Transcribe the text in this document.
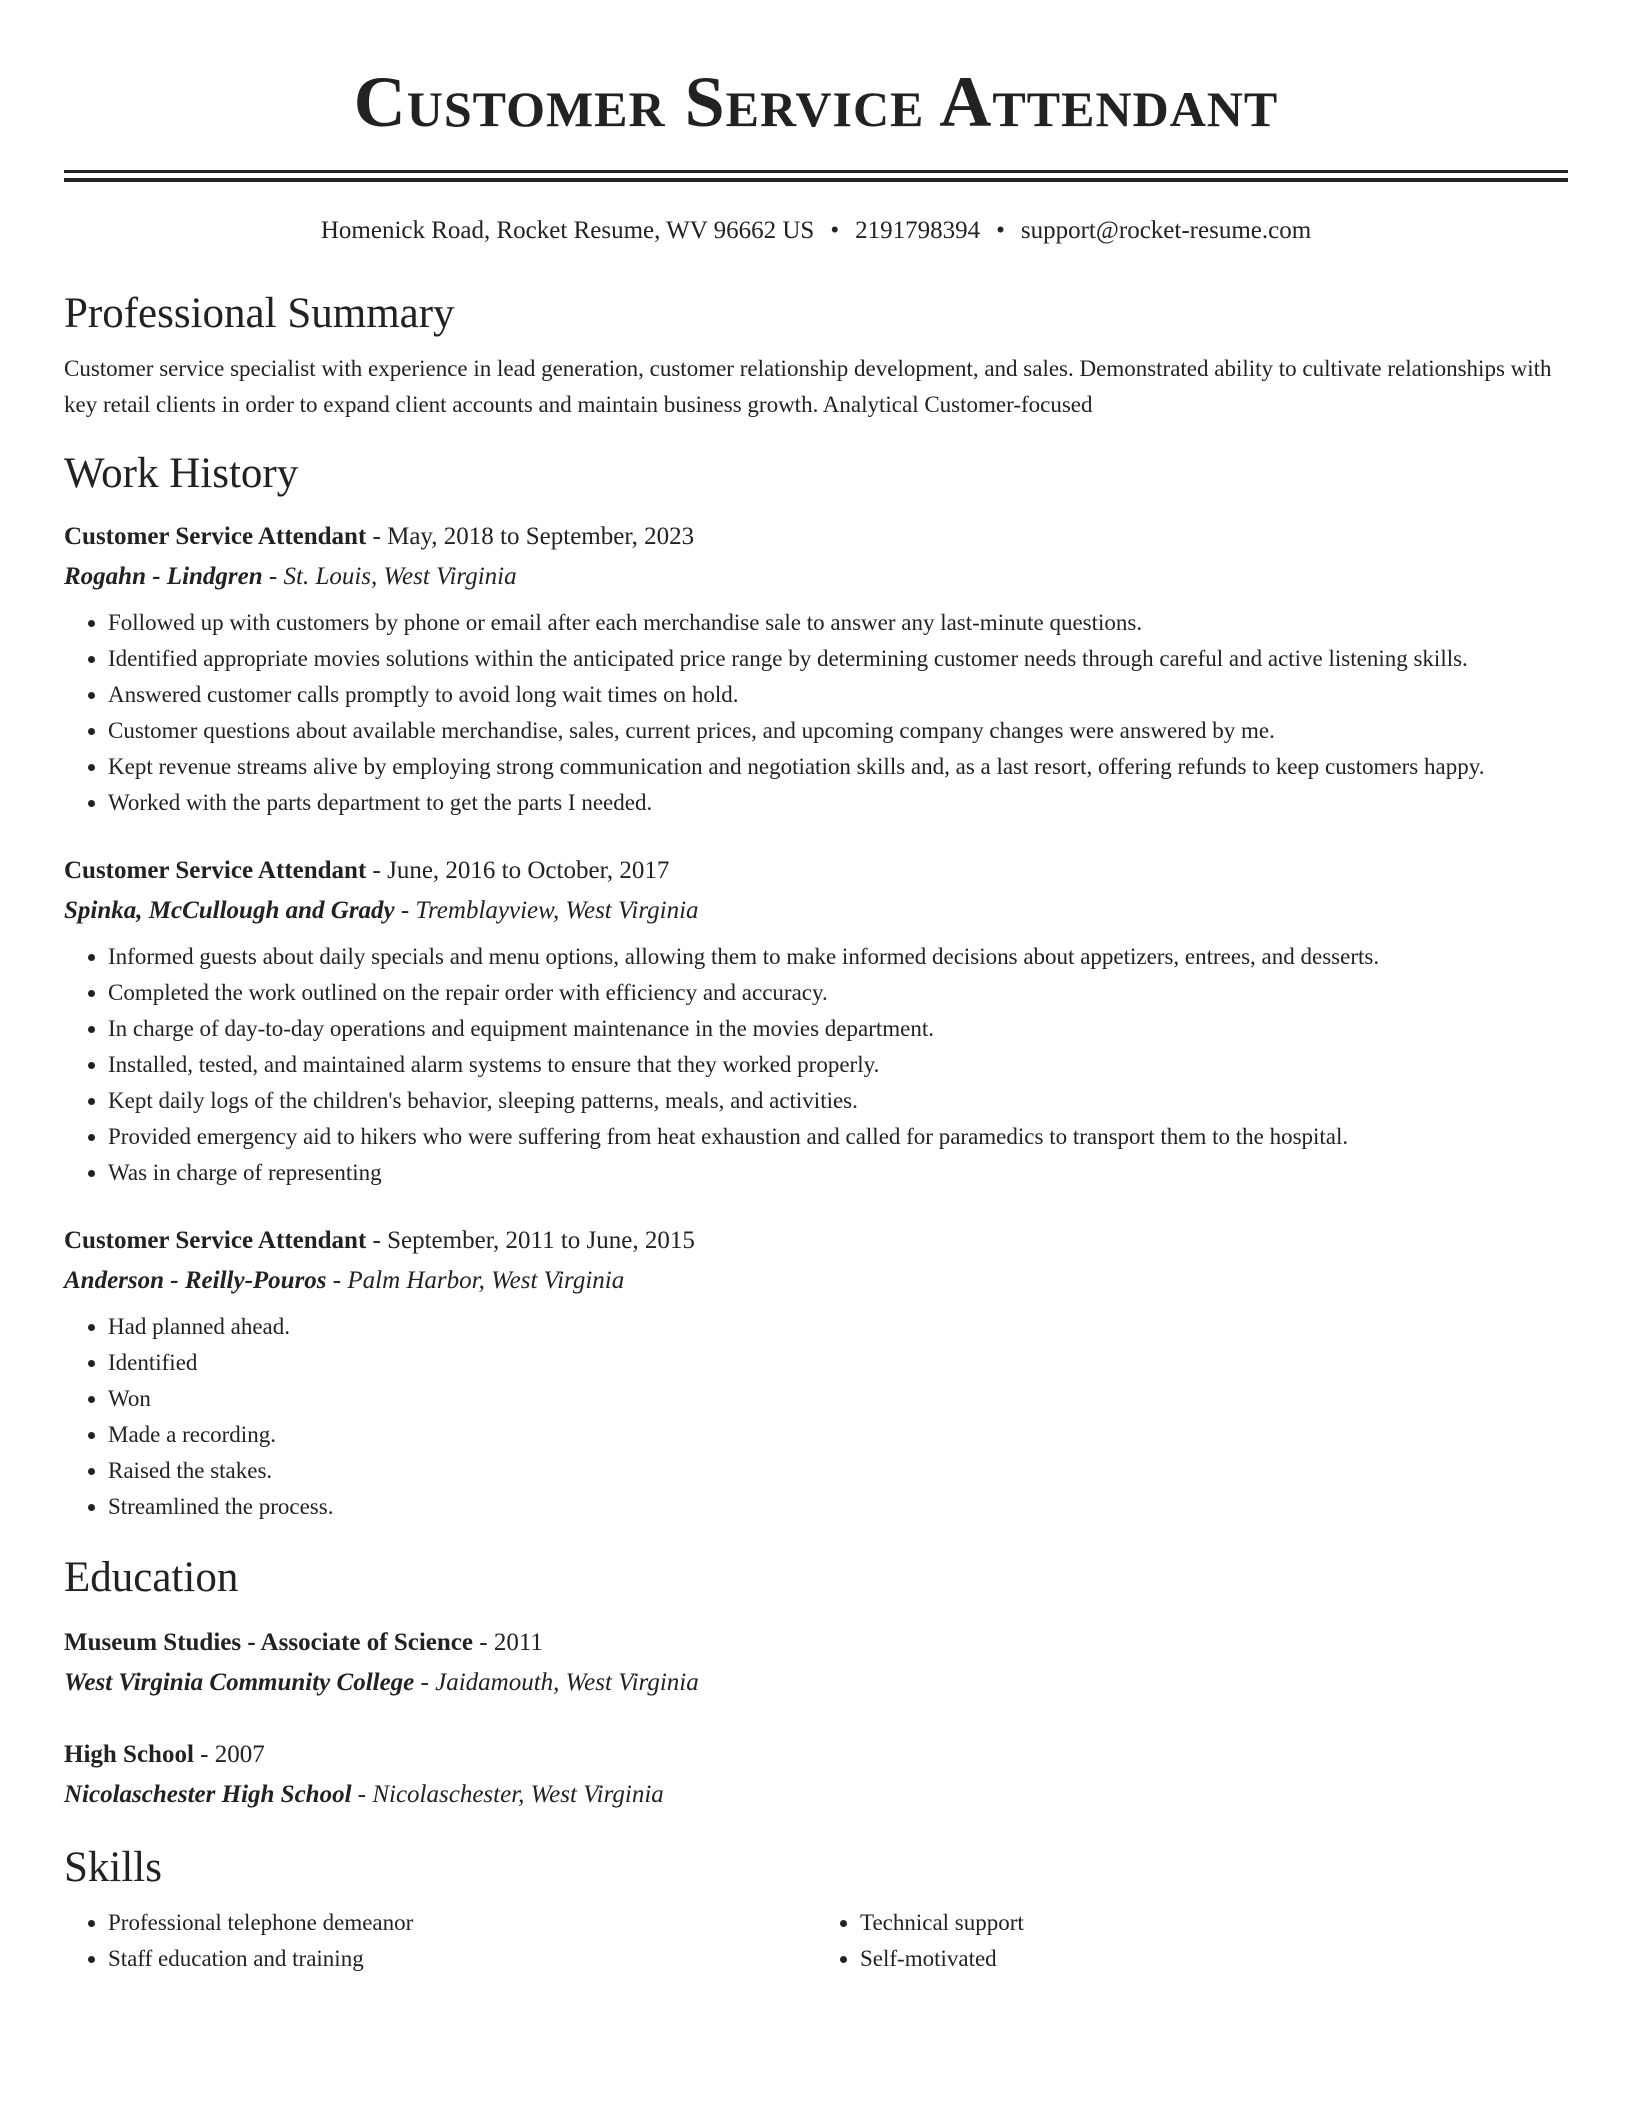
Customer Service Attendant
Homenick Road, Rocket Resume, WV 96662 US • 2191798394 • support@rocket-resume.com
Professional Summary
Customer service specialist with experience in lead generation, customer relationship development, and sales. Demonstrated ability to cultivate relationships with key retail clients in order to expand client accounts and maintain business growth. Analytical Customer-focused
Work History
Customer Service Attendant - May, 2018 to September, 2023
Rogahn - Lindgren - St. Louis, West Virginia
• Followed up with customers by phone or email after each merchandise sale to answer any last-minute questions.
• Identified appropriate movies solutions within the anticipated price range by determining customer needs through careful and active listening skills.
• Answered customer calls promptly to avoid long wait times on hold.
• Customer questions about available merchandise, sales, current prices, and upcoming company changes were answered by me.
• Kept revenue streams alive by employing strong communication and negotiation skills and, as a last resort, offering refunds to keep customers happy.
• Worked with the parts department to get the parts I needed.
Customer Service Attendant - June, 2016 to October, 2017
Spinka, McCullough and Grady - Tremblayview, West Virginia
• Informed guests about daily specials and menu options, allowing them to make informed decisions about appetizers, entrees, and desserts.
• Completed the work outlined on the repair order with efficiency and accuracy.
• In charge of day-to-day operations and equipment maintenance in the movies department.
• Installed, tested, and maintained alarm systems to ensure that they worked properly.
• Kept daily logs of the children's behavior, sleeping patterns, meals, and activities.
• Provided emergency aid to hikers who were suffering from heat exhaustion and called for paramedics to transport them to the hospital.
• Was in charge of representing
Customer Service Attendant - September, 2011 to June, 2015
Anderson - Reilly-Pouros - Palm Harbor, West Virginia
• Had planned ahead.
• Identified
• Won
• Made a recording.
• Raised the stakes.
• Streamlined the process.
Education
Museum Studies - Associate of Science - 2011
West Virginia Community College - Jaidamouth, West Virginia
High School - 2007
Nicolaschester High School - Nicolaschester, West Virginia
Skills
• Professional telephone demeanor
• Staff education and training
• Technical support
• Self-motivated
